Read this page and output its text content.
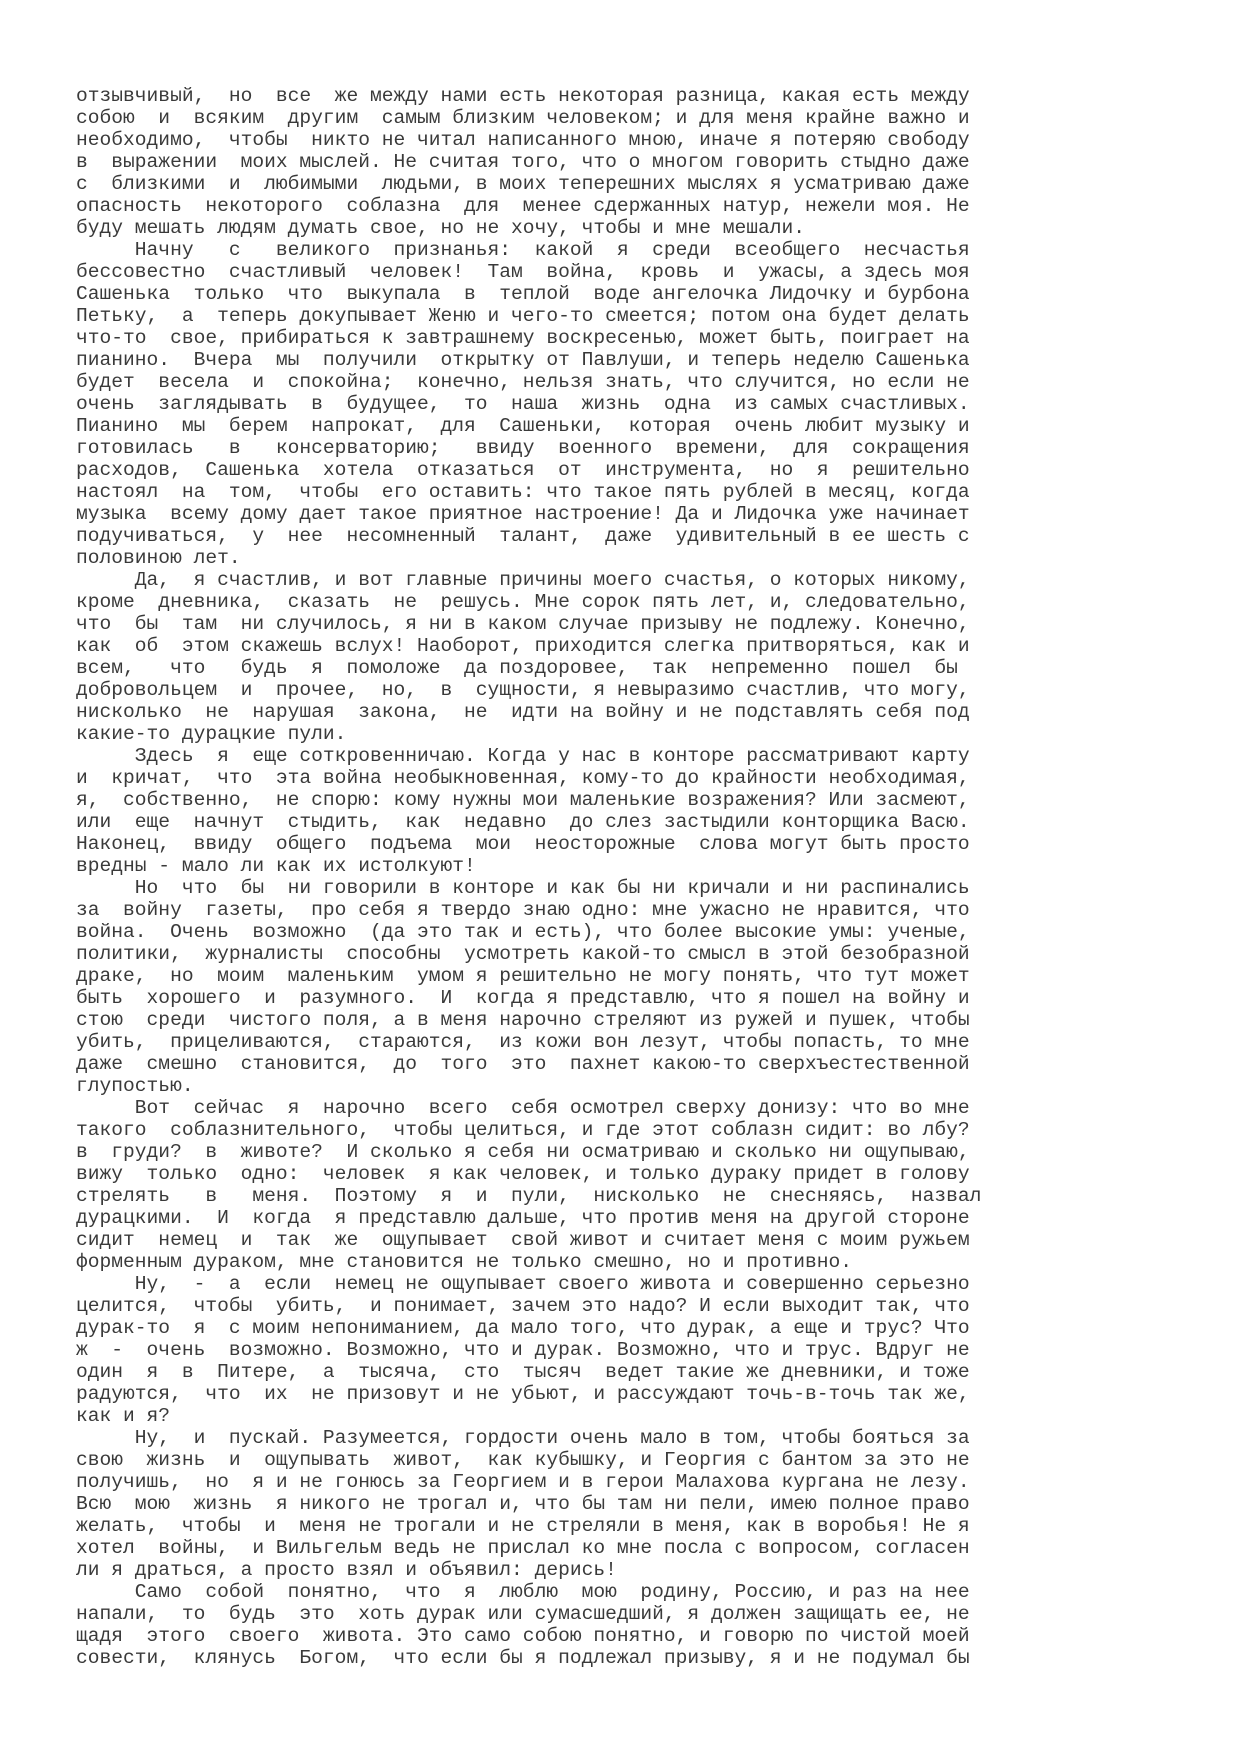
отзывчивый,  но  все  же между нами есть некоторая разница, какая есть между
собою  и  всяким  другим  самым близким человеком; и для меня крайне важно и
необходимо,  чтобы  никто не читал написанного мною, иначе я потеряю свободу
в  выражении  моих мыслей. Не считая того, что о многом говорить стыдно даже
с  близкими  и  любимыми  людьми, в моих теперешних мыслях я усматриваю даже
опасность  некоторого  соблазна  для  менее сдержанных натур, нежели моя. Не
буду мешать людям думать свое, но не хочу, чтобы и мне мешали.
Начну   с   великого  признанья:  какой  я  среди  всеобщего  несчастья
бессовестно  счастливый  человек!  Там  война,  кровь  и  ужасы, а здесь моя
Сашенька  только  что  выкупала  в  теплой  воде ангелочка Лидочку и бурбона
Петьку,  а  теперь докупывает Женю и чего-то смеется; потом она будет делать
что-то  свое, прибираться к завтрашнему воскресенью, может быть, поиграет на
пианино.  Вчера  мы  получили  открытку от Павлуши, и теперь неделю Сашенька
будет  весела  и  спокойна;  конечно, нельзя знать, что случится, но если не
очень  заглядывать  в  будущее,  то  наша  жизнь  одна  из самых счастливых.
Пианино  мы  берем  напрокат,  для  Сашеньки,  которая  очень любит музыку и
готовилась   в   консерваторию;   ввиду  военного  времени,  для  сокращения
расходов,  Сашенька  хотела  отказаться  от  инструмента,  но  я  решительно
настоял  на  том,  чтобы  его оставить: что такое пять рублей в месяц, когда
музыка  всему дому дает такое приятное настроение! Да и Лидочка уже начинает
подучиваться,  у  нее  несомненный  талант,  даже  удивительный в ее шесть с
половиною лет.
Да,  я счастлив, и вот главные причины моего счастья, о которых никому,
кроме  дневника,  сказать  не  решусь. Мне сорок пять лет, и, следовательно,
что  бы  там  ни случилось, я ни в каком случае призыву не подлежу. Конечно,
как  об  этом скажешь вслух! Наоборот, приходится слегка притворяться, как и
всем,   что   будь  я  помоложе  да поздоровее,  так  непременно  пошел  бы
добровольцем  и  прочее,  но,  в  сущности, я невыразимо счастлив, что могу,
нисколько  не  нарушая  закона,  не  идти на войну и не подставлять себя под
какие-то дурацкие пули.
Здесь  я  еще соткровенничаю. Когда у нас в конторе рассматривают карту
и  кричат,  что  эта война необыкновенная, кому-то до крайности необходимая,
я,  собственно,  не спорю: кому нужны мои маленькие возражения? Или засмеют,
или  еще  начнут  стыдить,  как  недавно  до слез застыдили конторщика Васю.
Наконец,  ввиду  общего  подъема  мои  неосторожные  слова могут быть просто
вредны - мало ли как их истолкуют!
Но  что  бы  ни говорили в конторе и как бы ни кричали и ни распинались
за  войну  газеты,  про себя я твердо знаю одно: мне ужасно не нравится, что
война.  Очень  возможно  (да это так и есть), что более высокие умы: ученые,
политики,  журналисты  способны  усмотреть какой-то смысл в этой безобразной
драке,  но  моим  маленьким  умом я решительно не могу понять, что тут может
быть  хорошего  и  разумного.  И  когда я представлю, что я пошел на войну и
стою  среди  чистого поля, а в меня нарочно стреляют из ружей и пушек, чтобы
убить,  прицеливаются,  стараются,  из кожи вон лезут, чтобы попасть, то мне
даже  смешно  становится,  до  того  это  пахнет какою-то сверхъестественной
глупостью.
Вот  сейчас  я  нарочно  всего  себя осмотрел сверху донизу: что во мне
такого  соблазнительного,  чтобы целиться, и где этот соблазн сидит: во лбу?
в  груди?  в  животе?  И сколько я себя ни осматриваю и сколько ни ощупываю,
вижу  только  одно:  человек  я как человек, и только дураку придет в голову
стрелять   в   меня.  Поэтому  я  и  пули,  нисколько  не  снесняясь,  назвал
дурацкими.  И  когда  я представлю дальше, что против меня на другой стороне
сидит  немец  и  так  же  ощупывает  свой живот и считает меня с моим ружьем
форменным дураком, мне становится не только смешно, но и противно.
Ну,  -  а  если  немец не ощупывает своего живота и совершенно серьезно
целится,  чтобы  убить,  и понимает, зачем это надо? И если выходит так, что
дурак-то  я  с моим непониманием, да мало того, что дурак, а еще и трус? Что
ж  -  очень  возможно. Возможно, что и дурак. Возможно, что и трус. Вдруг не
один  я  в  Питере,  а  тысяча,  сто  тысяч  ведет такие же дневники, и тоже
радуются,  что  их  не призовут и не убьют, и рассуждают точь-в-точь так же,
как и я?
Ну,  и  пускай. Разумеется, гордости очень мало в том, чтобы бояться за
свою  жизнь  и  ощупывать  живот,  как кубышку, и Георгия с бантом за это не
получишь,  но  я и не гонюсь за Георгием и в герои Малахова кургана не лезу.
Всю  мою  жизнь  я никого не трогал и, что бы там ни пели, имею полное право
желать,  чтобы  и  меня не трогали и не стреляли в меня, как в воробья! Не я
хотел  войны,  и Вильгельм ведь не прислал ко мне посла с вопросом, согласен
ли я драться, а просто взял и объявил: дерись!
Само  собой  понятно,  что  я  люблю  мою  родину, Россию, и раз на нее
напали,  то  будь  это  хоть дурак или сумасшедший, я должен защищать ее, не
щадя  этого  своего  живота. Это само собою понятно, и говорю по чистой моей
совести,  клянусь  Богом,  что если бы я подлежал призыву, я и не подумал бы
